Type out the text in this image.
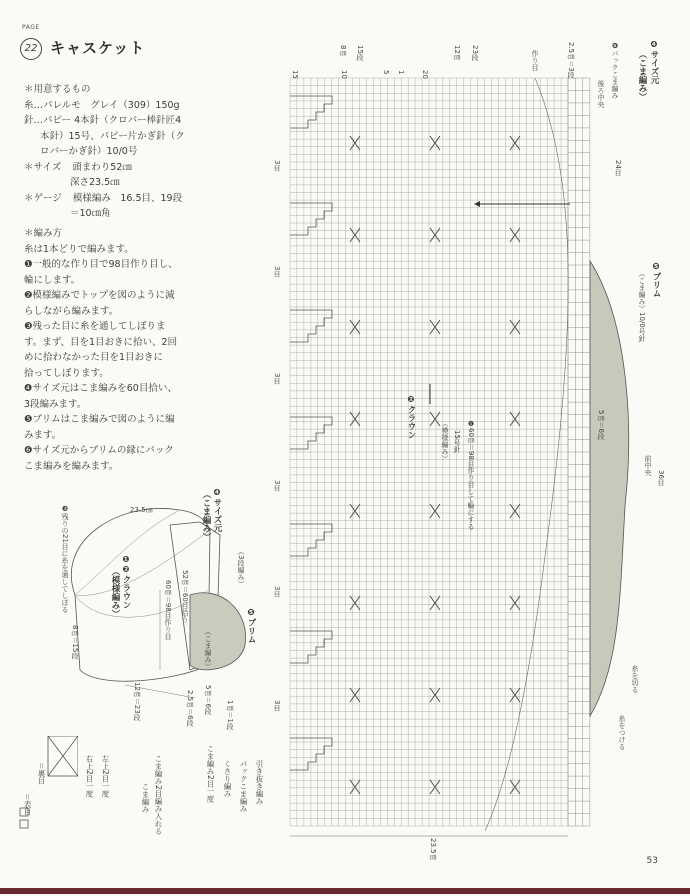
PAGE
22 キャスケット
＊用意するもの
糸…パレルモ　グレイ（309）150g
針…パピー 4本針（クロバー棒針匠4
本針）15号、パピー片かぎ針（ク
ロバーかぎ針）10/0号
＊サイズ 頭まわり52㎝
深さ23.5㎝
＊ゲージ 模様編み　16.5目、19段
＝10㎝角
＊編み方
糸は1本どりで編みます。
❶一般的な作り目で98目作り目し、
輪にします。
❷模様編みでトップを図のように減
らしながら編みます。
❸残った目に糸を通してしぼりま
す。まず、目を1目おきに拾い、2回
めに拾わなかった目を1目おきに
拾ってしぼります。
❹サイズ元はこま編みを60目拾い、
3段編みます。
❺ブリムはこま編みで図のように編
みます。
❻サイズ元からブリムの縁にバック
こま編みを編みます。
❸残りの21目に糸を通してしぼる	23.5㎝
8㎝＝15段
❶❷クラウン
（模様編み）	60㎝＝98目作り目 52㎝＝60目拾う
❹サイズ元
（こま編み）
（3段編み）
❺ブリム
（こま編み）
12㎝＝23段	2.5㎝＝6段 5㎝＝6段
1㎝＝1段
＝表目
＝裏目	右上2目一度 左上2目一度
こま編み こま編み2目編み入れる	こま編み2目一度 くさり編み バックこま編み 引き抜き編み
8㎝ 15段	12㎝ 23段	作り目	2.5㎝＝3段
後ろ中央
❹サイズ元
（こま編み）
❻バックこま編み
24目
❺ブリム
（こま編み）10/0号針
❷クラウン
（模様編み） 15号針 ❶60㎝＝98目作り目して輪にする	前中央
36目
5㎝＝6段
糸を切る
糸をつける
23.5㎝
15	10	5 1 20
3目
3目
3目
3目
3目
3目
53
